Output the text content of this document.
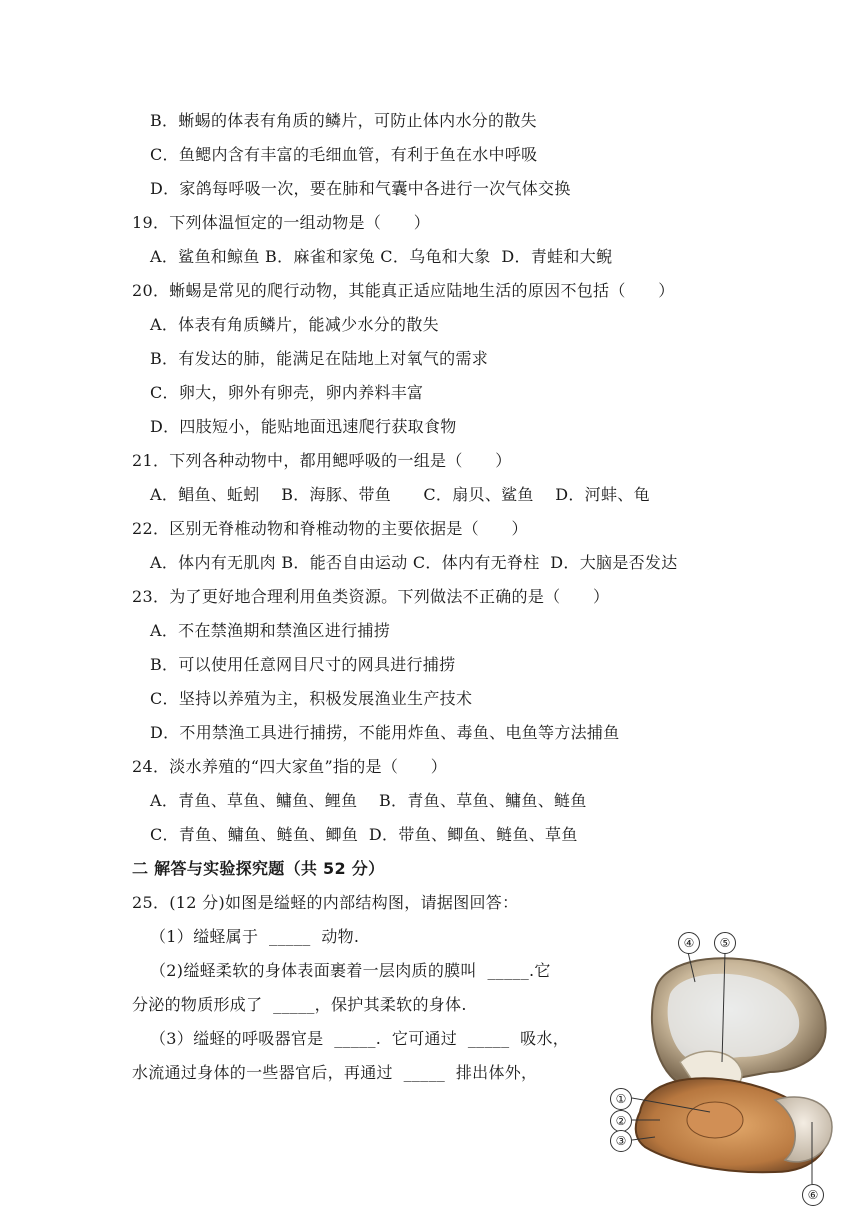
B．蜥蜴的体表有角质的鳞片，可防止体内水分的散失
C．鱼鳃内含有丰富的毛细血管，有利于鱼在水中呼吸
D．家鸽每呼吸一次，要在肺和气囊中各进行一次气体交换
19．下列体温恒定的一组动物是（　　）
A．鲨鱼和鲸鱼 B．麻雀和家兔 C．乌龟和大象  D．青蛙和大鲵
20．蜥蜴是常见的爬行动物，其能真正适应陆地生活的原因不包括（　　）
A．体表有角质鳞片，能减少水分的散失
B．有发达的肺，能满足在陆地上对氧气的需求
C．卵大，卵外有卵壳，卵内养料丰富
D．四肢短小，能贴地面迅速爬行获取食物
21．下列各种动物中，都用鳃呼吸的一组是（　　）
A．鲳鱼、蚯蚓    B．海豚、带鱼      C．扇贝、鲨鱼    D．河蚌、龟
22．区别无脊椎动物和脊椎动物的主要依据是（　　）
A．体内有无肌肉 B．能否自由运动 C．体内有无脊柱  D．大脑是否发达
23．为了更好地合理利用鱼类资源。下列做法不正确的是（　　）
A．不在禁渔期和禁渔区进行捕捞
B．可以使用任意网目尺寸的网具进行捕捞
C．坚持以养殖为主，积极发展渔业生产技术
D．不用禁渔工具进行捕捞，不能用炸鱼、毒鱼、电鱼等方法捕鱼
24．淡水养殖的“四大家鱼”指的是（　　）
A．青鱼、草鱼、鳙鱼、鲤鱼    B．青鱼、草鱼、鳙鱼、鲢鱼
C．青鱼、鳙鱼、鲢鱼、鲫鱼  D．带鱼、鲫鱼、鲢鱼、草鱼
二 解答与实验探究题（共 52 分）
25．(12 分)如图是缢蛏的内部结构图，请据图回答：
（1）缢蛏属于  _____  动物.
（2)缢蛏柔软的身体表面裹着一层肉质的膜叫  _____.它
分泌的物质形成了  _____，保护其柔软的身体.
（3）缢蛏的呼吸器官是  _____.  它可通过  _____  吸水，
水流通过身体的一些器官后，再通过  _____  排出体外，
①
②
③
④	⑤
⑥
